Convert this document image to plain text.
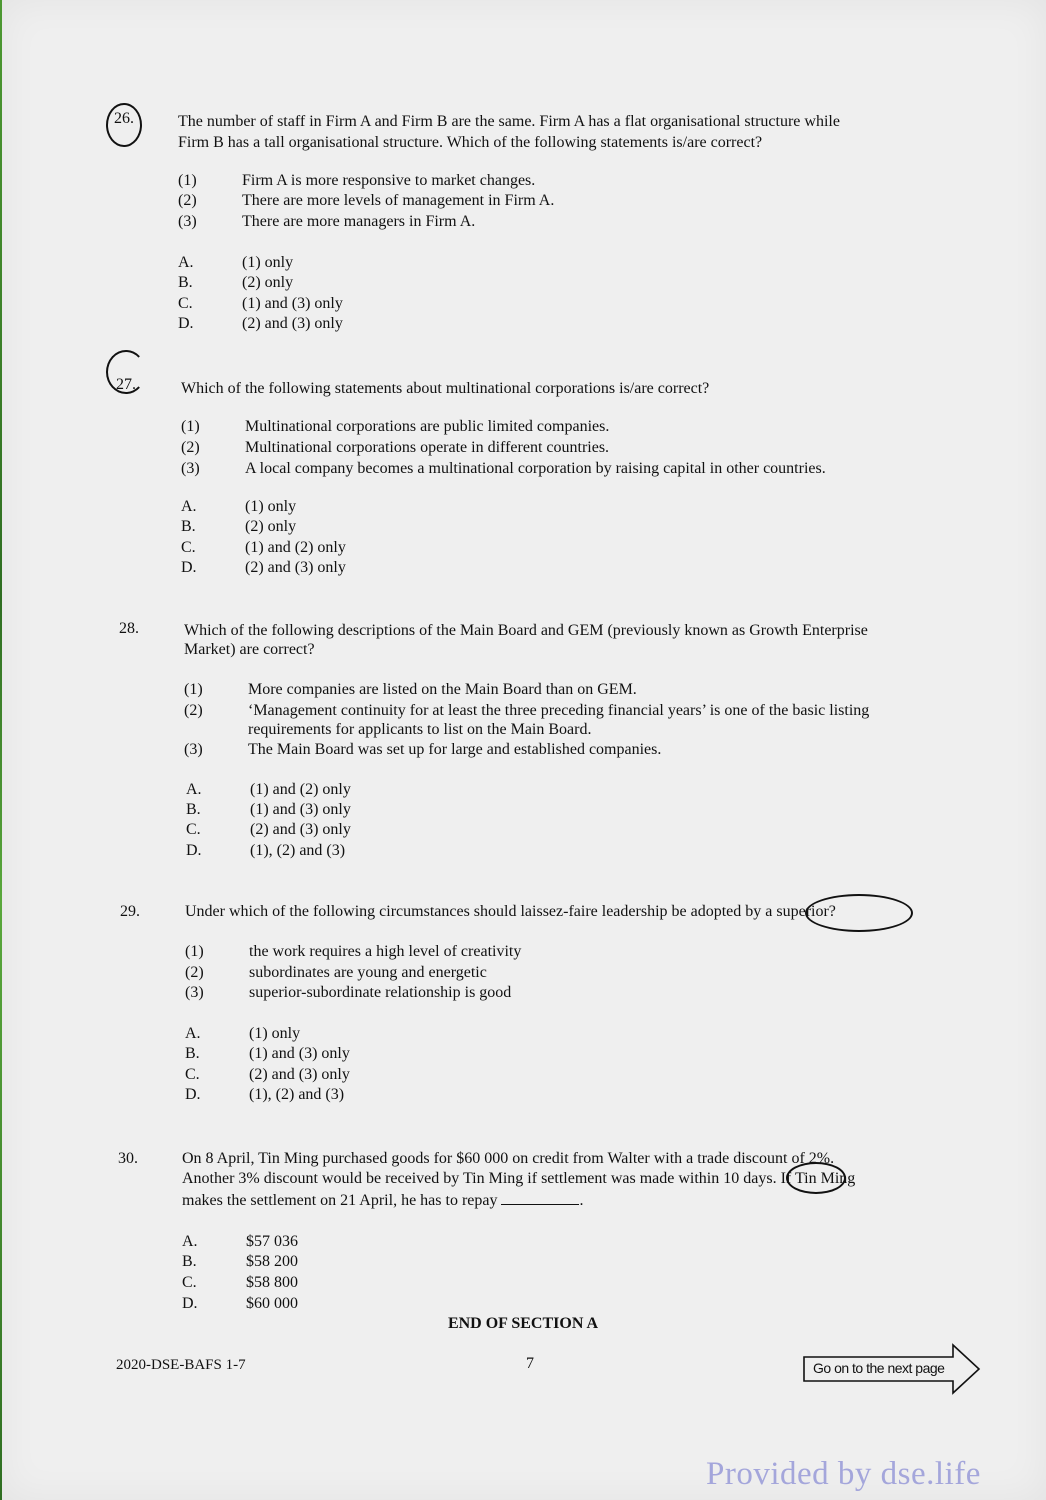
26.	The number of staff in Firm A and Firm B are the same. Firm A has a flat organisational structure while
Firm B has a tall organisational structure. Which of the following statements is/are correct?
(1)	Firm A is more responsive to market changes.
(2)	There are more levels of management in Firm A.
(3)	There are more managers in Firm A.
A.	(1) only
B.	(2) only
C.	(1) and (3) only
D.	(2) and (3) only
27.	Which of the following statements about multinational corporations is/are correct?
(1)	Multinational corporations are public limited companies.
(2)	Multinational corporations operate in different countries.
(3)	A local company becomes a multinational corporation by raising capital in other countries.
A.	(1) only
B.	(2) only
C.	(1) and (2) only
D.	(2) and (3) only
28.	Which of the following descriptions of the Main Board and GEM (previously known as Growth Enterprise
Market) are correct?
(1)	More companies are listed on the Main Board than on GEM.
(2)	‘Management continuity for at least the three preceding financial years’ is one of the basic listing
requirements for applicants to list on the Main Board.
(3)	The Main Board was set up for large and established companies.
A.	(1) and (2) only
B.	(1) and (3) only
C.	(2) and (3) only
D.	(1), (2) and (3)
29.	Under which of the following circumstances should laissez-faire leadership be adopted by a superior?
(1)	the work requires a high level of creativity
(2)	subordinates are young and energetic
(3)	superior-subordinate relationship is good
A.	(1) only
B.	(1) and (3) only
C.	(2) and (3) only
D.	(1), (2) and (3)
30.	On 8 April, Tin Ming purchased goods for $60 000 on credit from Walter with a trade discount of 2%.
Another 3% discount would be received by Tin Ming if settlement was made within 10 days. If Tin Ming
makes the settlement on 21 April, he has to repay	.
A.	$57 036
B.	$58 200
C.	$58 800
D.	$60 000
END OF SECTION A
2020-DSE-BAFS 1-7	7	Go on to the next page
Provided by dse.life
